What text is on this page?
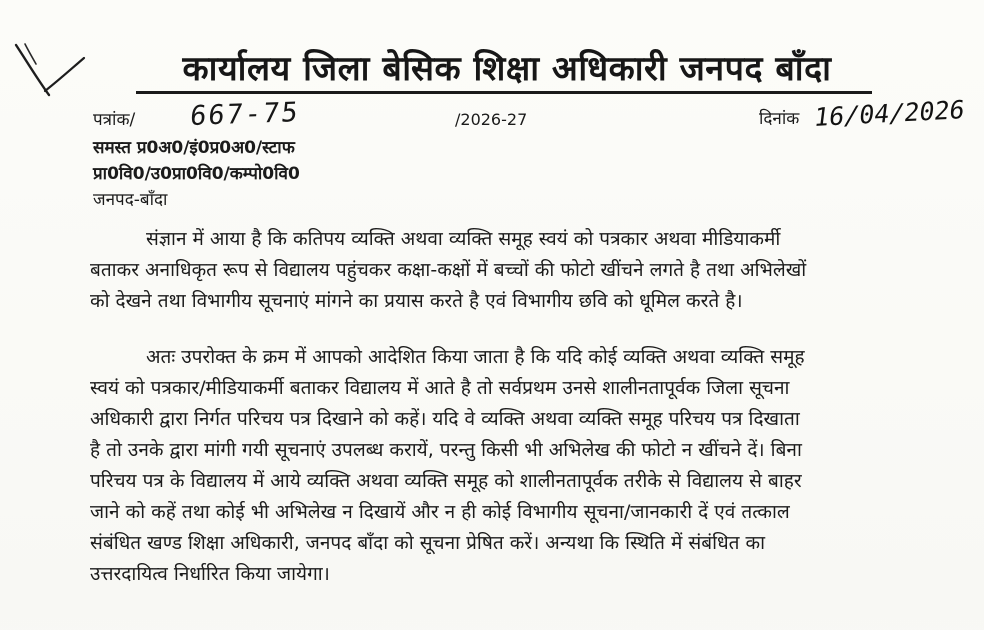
कार्यालय जिला बेसिक शिक्षा अधिकारी जनपद बाँदा
पत्रांक/ 667-75	/2026-27	दिनांक 16/04/2026
समस्त प्र0अ0/इं0प्र0अ0/स्टाफ
प्रा0वि0/उ0प्रा0वि0/कम्पो0वि0
जनपद-बाँदा
संज्ञान में आया है कि कतिपय व्यक्ति अथवा व्यक्ति समूह स्वयं को पत्रकार अथवा मीडियाकर्मी
बताकर अनाधिकृत रूप से विद्यालय पहुंचकर कक्षा-कक्षों में बच्चों की फोटो खींचने लगते है तथा अभिलेखों
को देखने तथा विभागीय सूचनाएं मांगने का प्रयास करते है एवं विभागीय छवि को धूमिल करते है।
अतः उपरोक्त के क्रम में आपको आदेशित किया जाता है कि यदि कोई व्यक्ति अथवा व्यक्ति समूह
स्वयं को पत्रकार/मीडियाकर्मी बताकर विद्यालय में आते है तो सर्वप्रथम उनसे शालीनतापूर्वक जिला सूचना
अधिकारी द्वारा निर्गत परिचय पत्र दिखाने को कहें। यदि वे व्यक्ति अथवा व्यक्ति समूह परिचय पत्र दिखाता
है तो उनके द्वारा मांगी गयी सूचनाएं उपलब्ध करायें, परन्तु किसी भी अभिलेख की फोटो न खींचने दें। बिना
परिचय पत्र के विद्यालय में आये व्यक्ति अथवा व्यक्ति समूह को शालीनतापूर्वक तरीके से विद्यालय से बाहर
जाने को कहें तथा कोई भी अभिलेख न दिखायें और न ही कोई विभागीय सूचना/जानकारी दें एवं तत्काल
संबंधित खण्ड शिक्षा अधिकारी, जनपद बाँदा को सूचना प्रेषित करें। अन्यथा कि स्थिति में संबंधित का
उत्तरदायित्व निर्धारित किया जायेगा।
